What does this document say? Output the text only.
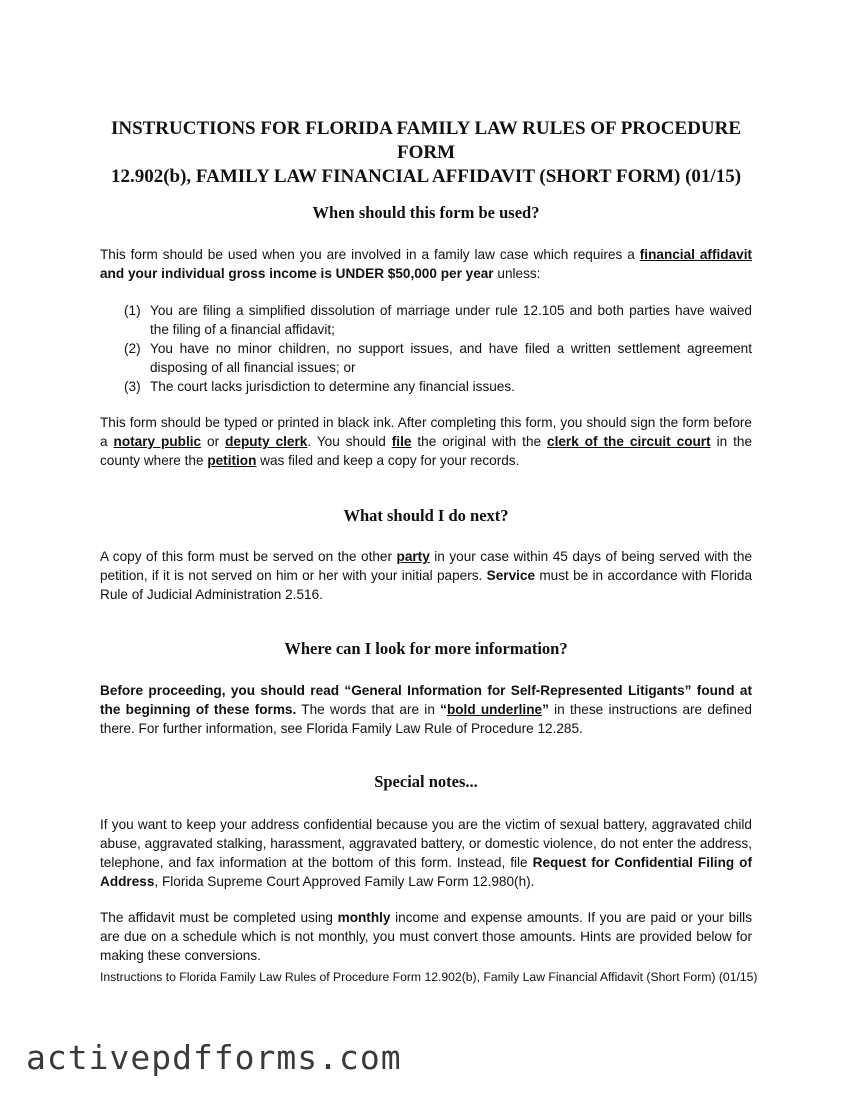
INSTRUCTIONS FOR FLORIDA FAMILY LAW RULES OF PROCEDURE FORM
12.902(b), FAMILY LAW FINANCIAL AFFIDAVIT (SHORT FORM) (01/15)
When should this form be used?

This form should be used when you are involved in a family law case which requires a financial affidavit and your individual gross income is UNDER $50,000 per year unless:

(1) You are filing a simplified dissolution of marriage under rule 12.105 and both parties have waived the filing of a financial affidavit;
(2) You have no minor children, no support issues, and have filed a written settlement agreement disposing of all financial issues; or
(3) The court lacks jurisdiction to determine any financial issues.

This form should be typed or printed in black ink. After completing this form, you should sign the form before a notary public or deputy clerk. You should file the original with the clerk of the circuit court in the county where the petition was filed and keep a copy for your records.

What should I do next?

A copy of this form must be served on the other party in your case within 45 days of being served with the petition, if it is not served on him or her with your initial papers. Service must be in accordance with Florida Rule of Judicial Administration 2.516.

Where can I look for more information?

Before proceeding, you should read “General Information for Self-Represented Litigants” found at the beginning of these forms. The words that are in “bold underline” in these instructions are defined there. For further information, see Florida Family Law Rule of Procedure 12.285.

Special notes...

If you want to keep your address confidential because you are the victim of sexual battery, aggravated child abuse, aggravated stalking, harassment, aggravated battery, or domestic violence, do not enter the address, telephone, and fax information at the bottom of this form. Instead, file Request for Confidential Filing of Address, Florida Supreme Court Approved Family Law Form 12.980(h).

The affidavit must be completed using monthly income and expense amounts. If you are paid or your bills are due on a schedule which is not monthly, you must convert those amounts. Hints are provided below for making these conversions.

Instructions to Florida Family Law Rules of Procedure Form 12.902(b), Family Law Financial Affidavit (Short Form) (01/15)

activepdfforms.com
